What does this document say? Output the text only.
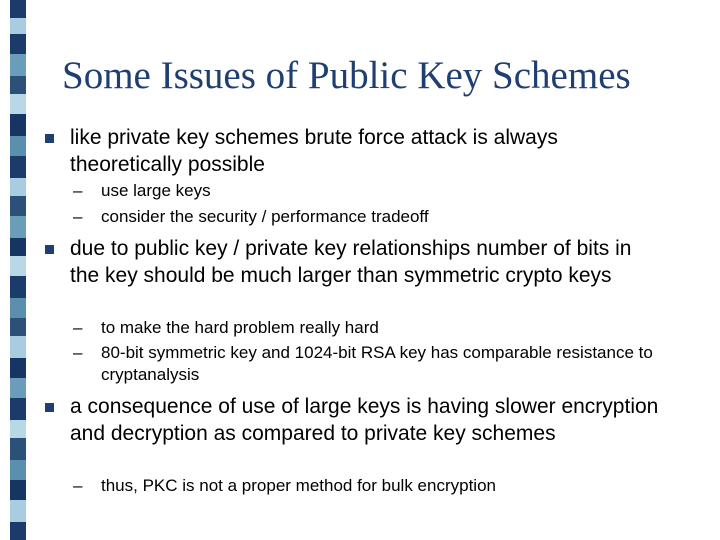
Some Issues of Public Key Schemes
like private key schemes brute force attack is always theoretically possible
– use large keys
– consider the security / performance tradeoff
due to public key / private key relationships number of bits in the key should be much larger than symmetric crypto keys
– to make the hard problem really hard
– 80-bit symmetric key and 1024-bit RSA key has comparable resistance to cryptanalysis
a consequence of use of large keys is having slower encryption and decryption as compared to private key schemes
– thus, PKC is not a proper method for bulk encryption
